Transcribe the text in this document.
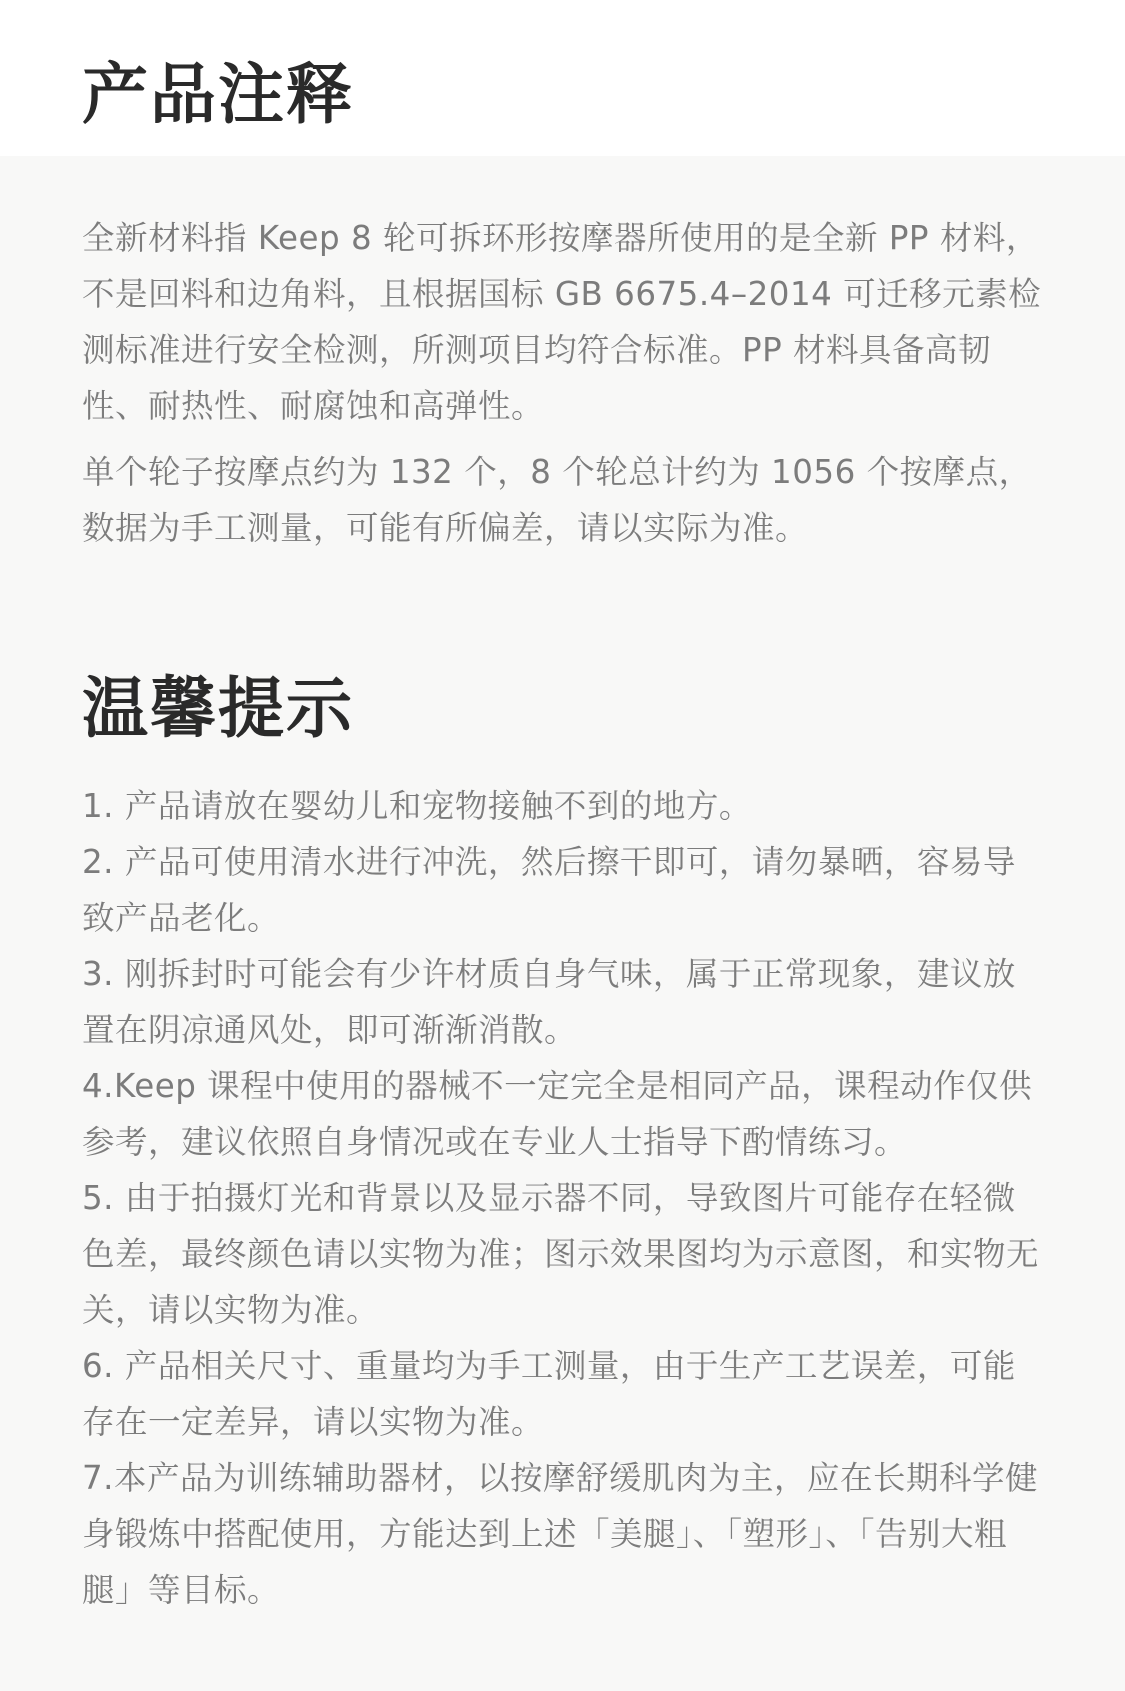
产品注释

全新材料指 Keep 8 轮可拆环形按摩器所使用的是全新 PP 材料，不是回料和边角料，且根据国标 GB 6675.4–2014 可迁移元素检测标准进行安全检测，所测项目均符合标准。PP 材料具备高韧性、耐热性、耐腐蚀和高弹性。

单个轮子按摩点约为 132 个，8 个轮总计约为 1056 个按摩点，数据为手工测量，可能有所偏差，请以实际为准。

温馨提示
1. 产品请放在婴幼儿和宠物接触不到的地方。
2. 产品可使用清水进行冲洗，然后擦干即可，请勿暴晒，容易导致产品老化。
3. 刚拆封时可能会有少许材质自身气味，属于正常现象，建议放置在阴凉通风处，即可渐渐消散。
4.Keep 课程中使用的器械不一定完全是相同产品，课程动作仅供参考，建议依照自身情况或在专业人士指导下酌情练习。
5. 由于拍摄灯光和背景以及显示器不同，导致图片可能存在轻微色差，最终颜色请以实物为准；图示效果图均为示意图，和实物无关，请以实物为准。
6. 产品相关尺寸、重量均为手工测量，由于生产工艺误差，可能存在一定差异，请以实物为准。
7.本产品为训练辅助器材，以按摩舒缓肌肉为主，应在长期科学健身锻炼中搭配使用，方能达到上述「美腿」、「塑形」、「告别大粗腿」等目标。
